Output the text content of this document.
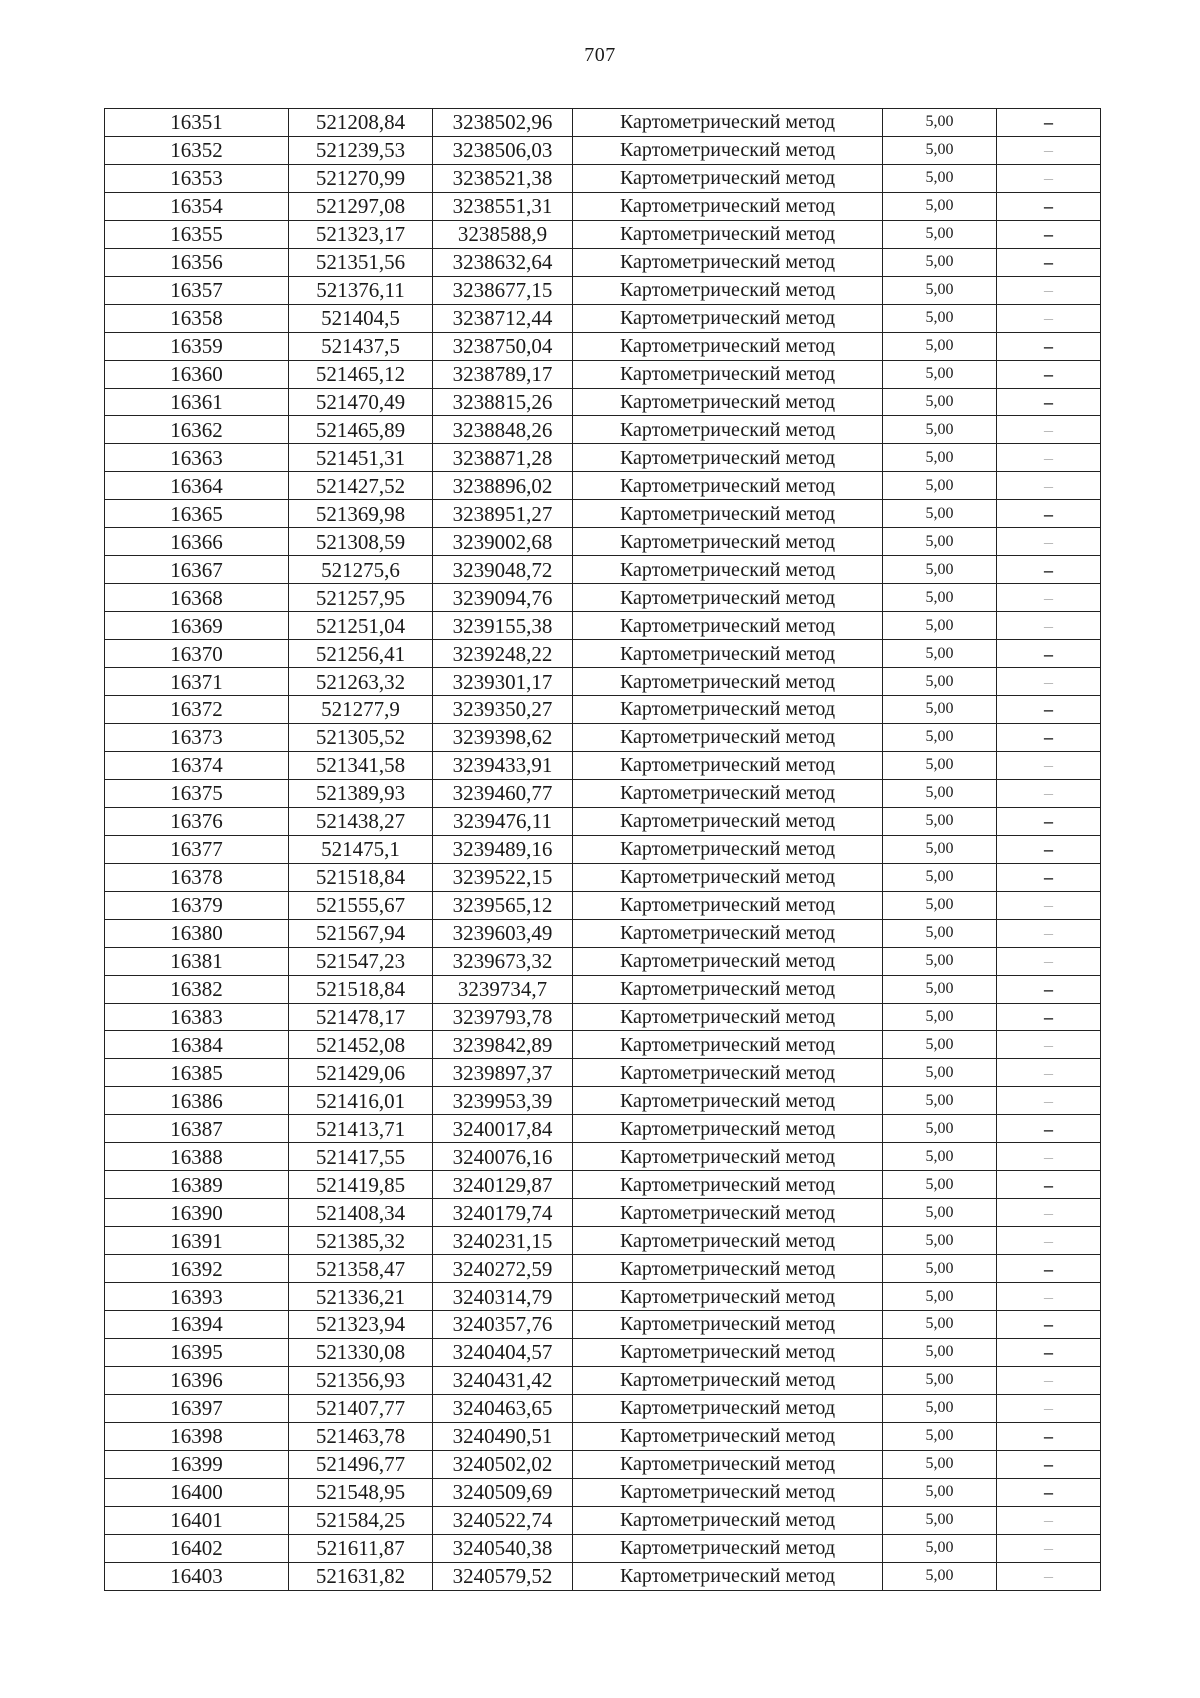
707
16351	521208,84	3238502,96	Картометрический метод	5,00	–
16352	521239,53	3238506,03	Картометрический метод	5,00	–
16353	521270,99	3238521,38	Картометрический метод	5,00	–
16354	521297,08	3238551,31	Картометрический метод	5,00	–
16355	521323,17	3238588,9	Картометрический метод	5,00	–
16356	521351,56	3238632,64	Картометрический метод	5,00	–
16357	521376,11	3238677,15	Картометрический метод	5,00	–
16358	521404,5	3238712,44	Картометрический метод	5,00	–
16359	521437,5	3238750,04	Картометрический метод	5,00	–
16360	521465,12	3238789,17	Картометрический метод	5,00	–
16361	521470,49	3238815,26	Картометрический метод	5,00	–
16362	521465,89	3238848,26	Картометрический метод	5,00	–
16363	521451,31	3238871,28	Картометрический метод	5,00	–
16364	521427,52	3238896,02	Картометрический метод	5,00	–
16365	521369,98	3238951,27	Картометрический метод	5,00	–
16366	521308,59	3239002,68	Картометрический метод	5,00	–
16367	521275,6	3239048,72	Картометрический метод	5,00	–
16368	521257,95	3239094,76	Картометрический метод	5,00	–
16369	521251,04	3239155,38	Картометрический метод	5,00	–
16370	521256,41	3239248,22	Картометрический метод	5,00	–
16371	521263,32	3239301,17	Картометрический метод	5,00	–
16372	521277,9	3239350,27	Картометрический метод	5,00	–
16373	521305,52	3239398,62	Картометрический метод	5,00	–
16374	521341,58	3239433,91	Картометрический метод	5,00	–
16375	521389,93	3239460,77	Картометрический метод	5,00	–
16376	521438,27	3239476,11	Картометрический метод	5,00	–
16377	521475,1	3239489,16	Картометрический метод	5,00	–
16378	521518,84	3239522,15	Картометрический метод	5,00	–
16379	521555,67	3239565,12	Картометрический метод	5,00	–
16380	521567,94	3239603,49	Картометрический метод	5,00	–
16381	521547,23	3239673,32	Картометрический метод	5,00	–
16382	521518,84	3239734,7	Картометрический метод	5,00	–
16383	521478,17	3239793,78	Картометрический метод	5,00	–
16384	521452,08	3239842,89	Картометрический метод	5,00	–
16385	521429,06	3239897,37	Картометрический метод	5,00	–
16386	521416,01	3239953,39	Картометрический метод	5,00	–
16387	521413,71	3240017,84	Картометрический метод	5,00	–
16388	521417,55	3240076,16	Картометрический метод	5,00	–
16389	521419,85	3240129,87	Картометрический метод	5,00	–
16390	521408,34	3240179,74	Картометрический метод	5,00	–
16391	521385,32	3240231,15	Картометрический метод	5,00	–
16392	521358,47	3240272,59	Картометрический метод	5,00	–
16393	521336,21	3240314,79	Картометрический метод	5,00	–
16394	521323,94	3240357,76	Картометрический метод	5,00	–
16395	521330,08	3240404,57	Картометрический метод	5,00	–
16396	521356,93	3240431,42	Картометрический метод	5,00	–
16397	521407,77	3240463,65	Картометрический метод	5,00	–
16398	521463,78	3240490,51	Картометрический метод	5,00	–
16399	521496,77	3240502,02	Картометрический метод	5,00	–
16400	521548,95	3240509,69	Картометрический метод	5,00	–
16401	521584,25	3240522,74	Картометрический метод	5,00	–
16402	521611,87	3240540,38	Картометрический метод	5,00	–
16403	521631,82	3240579,52	Картометрический метод	5,00	–
